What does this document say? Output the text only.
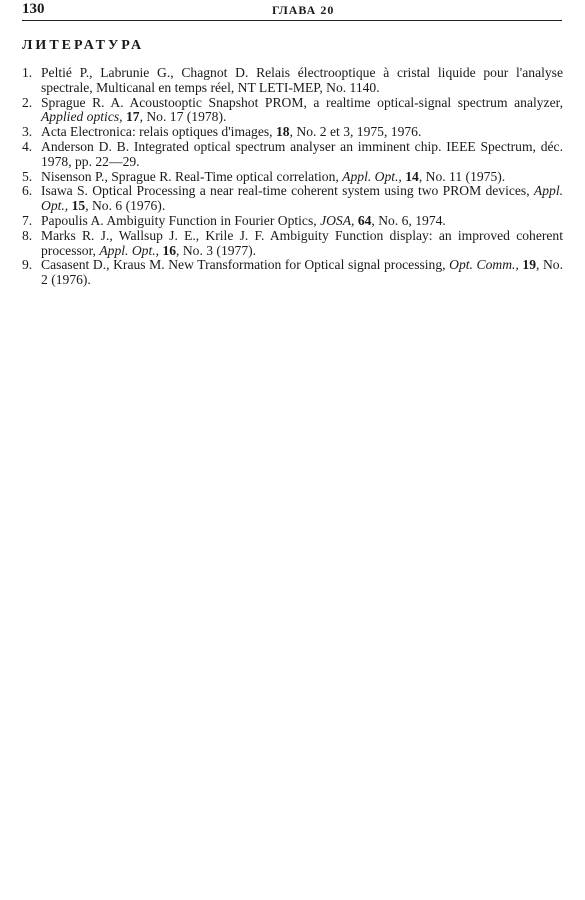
130	ГЛАВА 20
ЛИТЕРАТУРА
1. Peltié P., Labrunie G., Chagnot D. Relais électrooptique à cristal liquide pour l'analyse spectrale, Multicanal en temps réel, NT LETI-MEP, No. 1140.
2. Sprague R. A. Acoustooptic Snapshot PROM, a realtime optical-signal spectrum analyzer, Applied optics, 17, No. 17 (1978).
3. Acta Electronica: relais optiques d'images, 18, No. 2 et 3, 1975, 1976.
4. Anderson D. B. Integrated optical spectrum analyser an imminent chip. IEEE Spectrum, déc. 1978, pp. 22—29.
5. Nisenson P., Sprague R. Real-Time optical correlation, Appl. Opt., 14, No. 11 (1975).
6. Isawa S. Optical Processing a near real-time coherent system using two PROM devices, Appl. Opt., 15, No. 6 (1976).
7. Papoulis A. Ambiguity Function in Fourier Optics, JOSA, 64, No. 6, 1974.
8. Marks R. J., Wallsup J. E., Krile J. F. Ambiguity Function display: an improved coherent processor, Appl. Opt., 16, No. 3 (1977).
9. Casasent D., Kraus M. New Transformation for Optical signal processing, Opt. Comm., 19, No. 2 (1976).
